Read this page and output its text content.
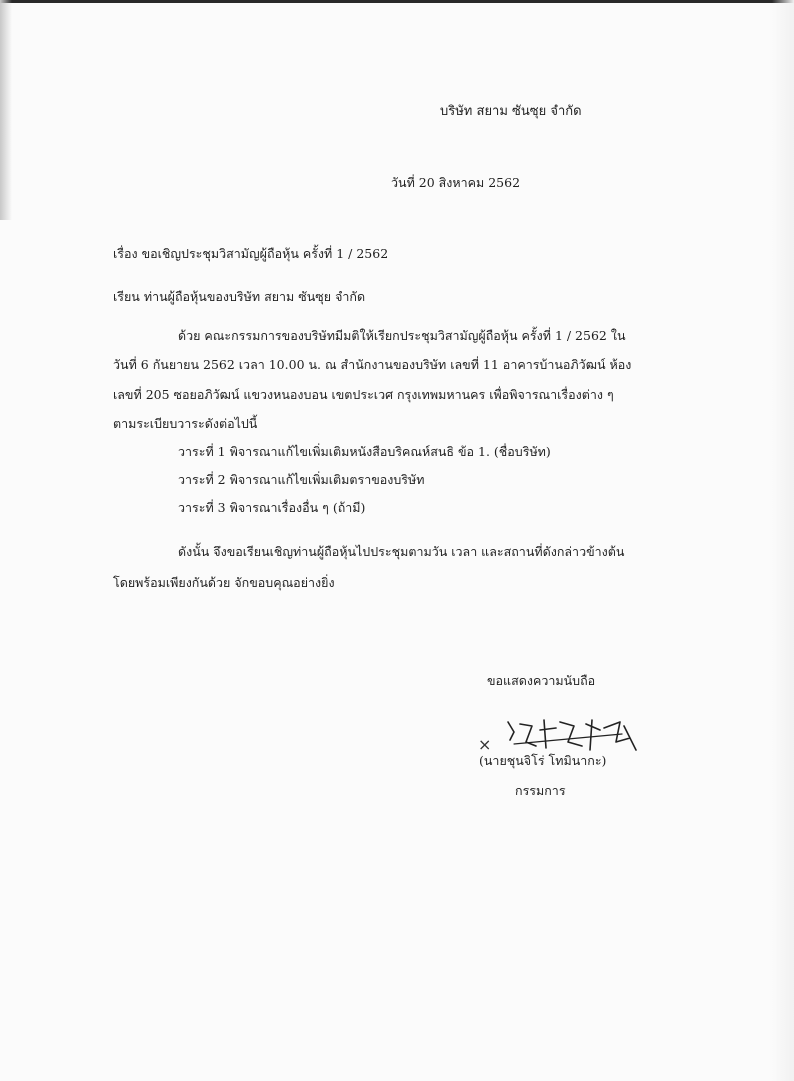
บริษัท สยาม ซันซุย จำกัด
วันที่ 20 สิงหาคม 2562
เรื่อง ขอเชิญประชุมวิสามัญผู้ถือหุ้น ครั้งที่ 1 / 2562
เรียน ท่านผู้ถือหุ้นของบริษัท สยาม ซันซุย จำกัด
ด้วย คณะกรรมการของบริษัทมีมติให้เรียกประชุมวิสามัญผู้ถือหุ้น ครั้งที่ 1 / 2562 ใน
วันที่ 6 กันยายน 2562 เวลา 10.00 น. ณ สำนักงานของบริษัท เลขที่ 11 อาคารบ้านอภิวัฒน์ ห้อง
เลขที่ 205 ซอยอภิวัฒน์ แขวงหนองบอน เขตประเวศ กรุงเทพมหานคร เพื่อพิจารณาเรื่องต่าง ๆ
ตามระเบียบวาระดังต่อไปนี้
วาระที่ 1 พิจารณาแก้ไขเพิ่มเติมหนังสือบริคณห์สนธิ ข้อ 1. (ชื่อบริษัท)
วาระที่ 2 พิจารณาแก้ไขเพิ่มเติมตราของบริษัท
วาระที่ 3 พิจารณาเรื่องอื่น ๆ (ถ้ามี)
ดังนั้น จึงขอเรียนเชิญท่านผู้ถือหุ้นไปประชุมตามวัน เวลา และสถานที่ดังกล่าวข้างต้น
โดยพร้อมเพียงกันด้วย จักขอบคุณอย่างยิ่ง
ขอแสดงความนับถือ
×
(นายชุนจิโร่ โทมินากะ)
กรรมการ
